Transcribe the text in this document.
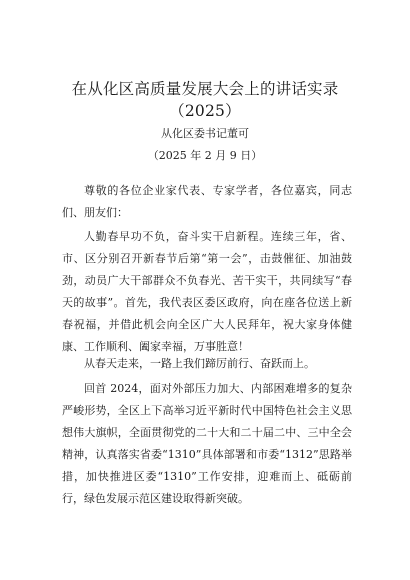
在从化区高质量发展大会上的讲话实录
（2025）
从化区委书记董可
（2025 年 2 月 9 日）
尊敬的各位企业家代表、专家学者，各位嘉宾，同志们、朋友们：
人勤春早功不负，奋斗实干启新程。连续三年，省、市、区分别召开新春节后第“第一会”，击鼓催征、加油鼓劲，动员广大干部群众不负春光、苦干实干，共同续写“春天的故事”。首先，我代表区委区政府，向在座各位送上新春祝福，并借此机会向全区广大人民拜年，祝大家身体健康、工作顺利、阖家幸福，万事胜意！
从春天走来，一路上我们蹄厉前行、奋跃而上。
回首 2024，面对外部压力加大、内部困难增多的复杂严峻形势，全区上下高举习近平新时代中国特色社会主义思想伟大旗帜，全面贯彻党的二十大和二十届二中、三中全会精神，认真落实省委“1310”具体部署和市委“1312”思路举措，加快推进区委“1310”工作安排，迎难而上、砥砺前行，绿色发展示范区建设取得新突破。
